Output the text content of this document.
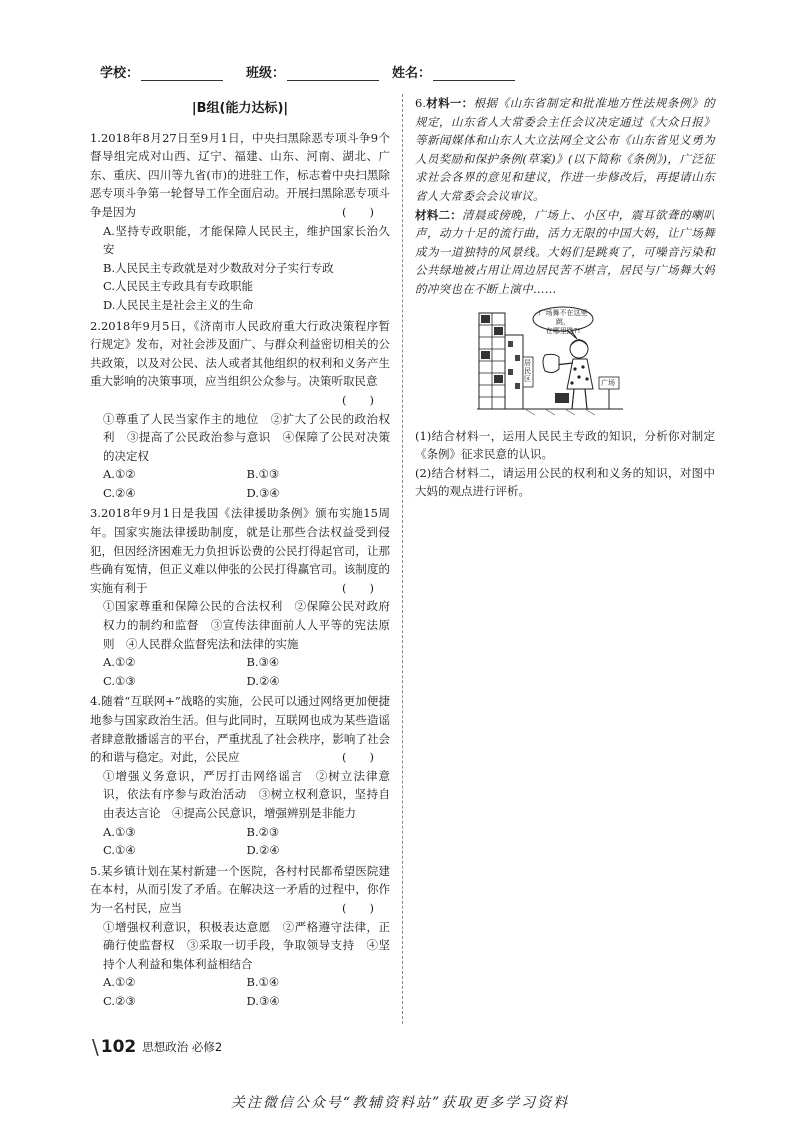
学校：	班级：	姓名：
|B组(能力达标)|
1.2018年8月27日至9月1日，中央扫黑除恶专项斗争9个督导组完成对山西、辽宁、福建、山东、河南、湖北、广东、重庆、四川等九省(市)的进驻工作，标志着中央扫黑除恶专项斗争第一轮督导工作全面启动。开展扫黑除恶专项斗争是因为	(　　)
A.坚持专政职能，才能保障人民民主，维护国家长治久安
B.人民民主专政就是对少数敌对分子实行专政
C.人民民主专政具有专政职能
D.人民民主是社会主义的生命
2.2018年9月5日，《济南市人民政府重大行政决策程序暂行规定》发布，对社会涉及面广、与群众利益密切相关的公共政策，以及对公民、法人或者其他组织的权利和义务产生重大影响的决策事项，应当组织公众参与。决策听取民意
(　　)
①尊重了人民当家作主的地位　②扩大了公民的政治权利　③提高了公民政治参与意识　④保障了公民对决策的决定权
A.①②	B.①③
C.②④	D.③④
3.2018年9月1日是我国《法律援助条例》颁布实施15周年。国家实施法律援助制度，就是让那些合法权益受到侵犯，但因经济困难无力负担诉讼费的公民打得起官司，让那些确有冤情，但正义难以伸张的公民打得赢官司。该制度的实施有利于	(　　)
①国家尊重和保障公民的合法权利　②保障公民对政府权力的制约和监督　③宣传法律面前人人平等的宪法原则　④人民群众监督宪法和法律的实施
A.①②	B.③④
C.①③	D.②④
4.随着“互联网+”战略的实施，公民可以通过网络更加便捷地参与国家政治生活。但与此同时，互联网也成为某些造谣者肆意散播谣言的平台，严重扰乱了社会秩序，影响了社会的和谐与稳定。对此，公民应	(　　)
①增强义务意识，严厉打击网络谣言　②树立法律意识，依法有序参与政治活动　③树立权利意识，坚持自由表达言论　④提高公民意识，增强辨别是非能力
A.①③	B.②③
C.①④	D.②④
5.某乡镇计划在某村新建一个医院，各村村民都希望医院建在本村，从而引发了矛盾。在解决这一矛盾的过程中，你作为一名村民，应当	(　　)
①增强权利意识，积极表达意愿　②严格遵守法律，正确行使监督权　③采取一切手段，争取领导支持　④坚持个人利益和集体利益相结合
A.①②	B.①④
C.②③	D.③④
6.材料一：根据《山东省制定和批准地方性法规条例》的规定，山东省人大常委会主任会议决定通过《大众日报》等新闻媒体和山东人大立法网全文公布《山东省见义勇为人员奖励和保护条例(草案)》(以下简称《条例》)，广泛征求社会各界的意见和建议，作进一步修改后，再提请山东省人大常委会会议审议。
材料二：清晨或傍晚，广场上、小区中，震耳欲聋的喇叭声，动力十足的流行曲，活力无限的中国大妈，让广场舞成为一道独特的风景线。大妈们是跳爽了，可噪音污染和公共绿地被占用让周边居民苦不堪言，居民与广场舞大妈的冲突也在不断上演中……
广场舞不在这里跳，
在哪里跳?!
居民区	广场
(1)结合材料一，运用人民民主专政的知识，分析你对制定《条例》征求民意的认识。
(2)结合材料二，请运用公民的权利和义务的知识，对图中大妈的观点进行评析。
\ 102 思想政治 必修2
关注微信公众号“教辅资料站”获取更多学习资料
